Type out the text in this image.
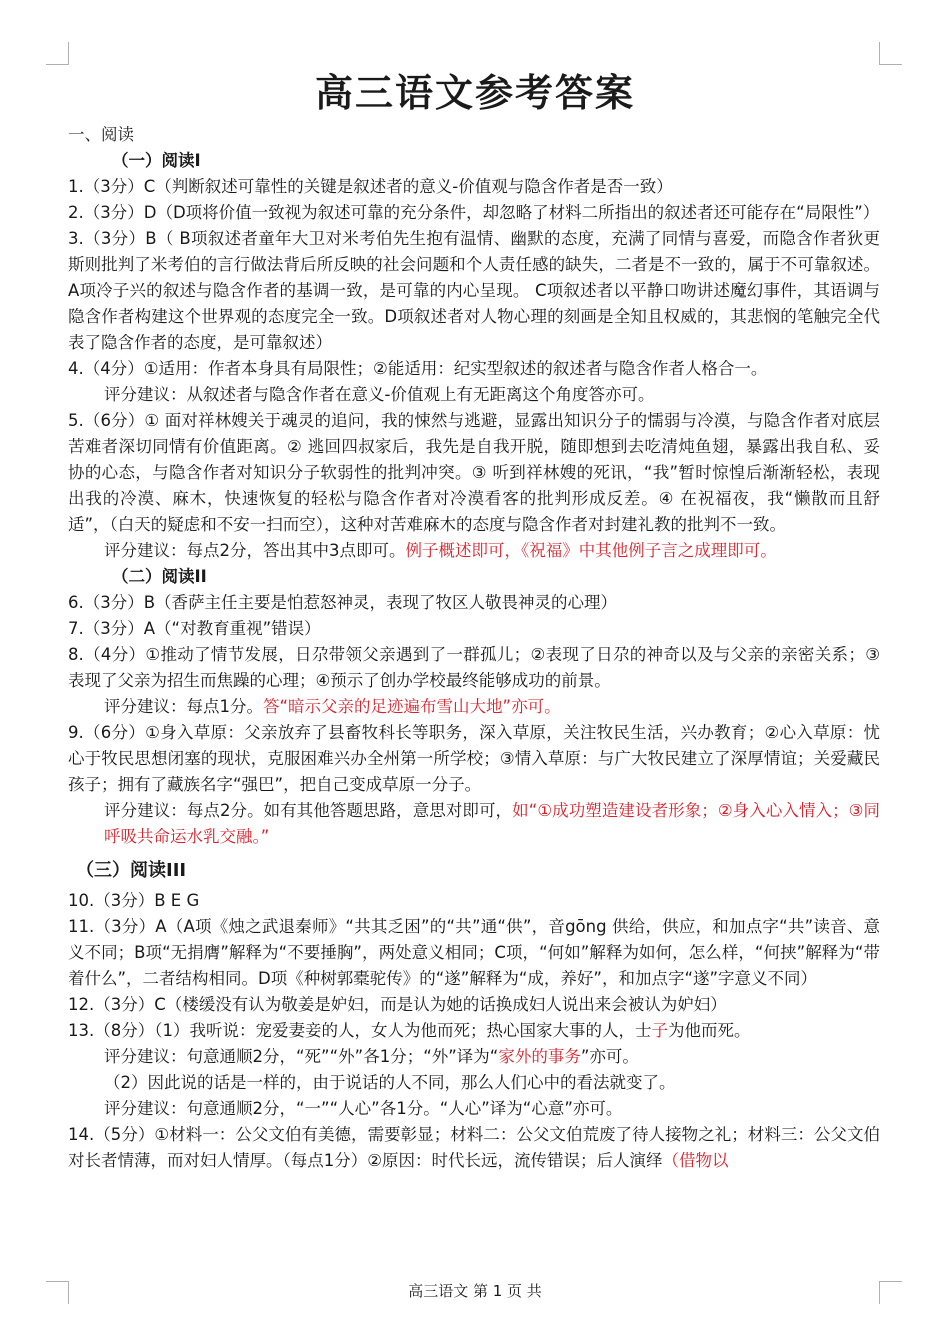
高三语文参考答案

一、阅读

（一）阅读I

1.（3分）C（判断叙述可靠性的关键是叙述者的意义-价值观与隐含作者是否一致）

2.（3分）D（D项将价值一致视为叙述可靠的充分条件，却忽略了材料二所指出的叙述者还可能存在“局限性”）

3.（3分）B（ B项叙述者童年大卫对米考伯先生抱有温情、幽默的态度，充满了同情与喜爱，而隐含作者狄更斯则批判了米考伯的言行做法背后所反映的社会问题和个人责任感的缺失，二者是不一致的，属于不可靠叙述。A项冷子兴的叙述与隐含作者的基调一致，是可靠的内心呈现。 C项叙述者以平静口吻讲述魔幻事件，其语调与隐含作者构建这个世界观的态度完全一致。D项叙述者对人物心理的刻画是全知且权威的，其悲悯的笔触完全代表了隐含作者的态度，是可靠叙述）

4.（4分）①适用：作者本身具有局限性；②能适用：纪实型叙述的叙述者与隐含作者人格合一。

评分建议：从叙述者与隐含作者在意义-价值观上有无距离这个角度答亦可。

5.（6分）① 面对祥林嫂关于魂灵的追问，我的悚然与逃避，显露出知识分子的懦弱与冷漠，与隐含作者对底层苦难者深切同情有价值距离。② 逃回四叔家后，我先是自我开脱，随即想到去吃清炖鱼翅，暴露出我自私、妥协的心态，与隐含作者对知识分子软弱性的批判冲突。③ 听到祥林嫂的死讯，“我”暂时惊惶后渐渐轻松，表现出我的冷漠、麻木，快速恢复的轻松与隐含作者对冷漠看客的批判形成反差。④ 在祝福夜，我“懒散而且舒适”，（白天的疑虑和不安一扫而空），这种对苦难麻木的态度与隐含作者对封建礼教的批判不一致。

评分建议：每点2分，答出其中3点即可。例子概述即可，《祝福》中其他例子言之成理即可。

（二）阅读II

6.（3分）B（香萨主任主要是怕惹怒神灵，表现了牧区人敬畏神灵的心理）

7.（3分）A（“对教育重视”错误）

8.（4分）①推动了情节发展，日尕带领父亲遇到了一群孤儿；②表现了日尕的神奇以及与父亲的亲密关系；③表现了父亲为招生而焦躁的心理；④预示了创办学校最终能够成功的前景。

评分建议：每点1分。答“暗示父亲的足迹遍布雪山大地”亦可。

9.（6分）①身入草原：父亲放弃了县畜牧科长等职务，深入草原，关注牧民生活，兴办教育；②心入草原：忧心于牧民思想闭塞的现状，克服困难兴办全州第一所学校；③情入草原：与广大牧民建立了深厚情谊；关爱藏民孩子；拥有了藏族名字“强巴”，把自己变成草原一分子。

评分建议：每点2分。如有其他答题思路，意思对即可，如“①成功塑造建设者形象；②身入心入情入；③同呼吸共命运水乳交融。”

（三）阅读III

10.（3分）B E G

11.（3分）A（A项《烛之武退秦师》“共其乏困”的“共”通“供”，音gōng 供给，供应，和加点字“共”读音、意义不同；B项“无捐膺”解释为“不要捶胸”，两处意义相同；C项，“何如”解释为如何，怎么样，“何挟”解释为“带着什么”，二者结构相同。D项《种树郭橐驼传》的“遂”解释为“成，养好”，和加点字“遂”字意义不同）

12.（3分）C（楼缓没有认为敬姜是妒妇，而是认为她的话换成妇人说出来会被认为妒妇）

13.（8分）（1）我听说：宠爱妻妾的人，女人为他而死；热心国家大事的人，士子为他而死。

评分建议：句意通顺2分，“死”“外”各1分；“外”译为“家外的事务”亦可。

（2）因此说的话是一样的，由于说话的人不同，那么人们心中的看法就变了。

评分建议：句意通顺2分，“一”“人心”各1分。“人心”译为“心意”亦可。

14.（5分）①材料一：公父文伯有美德，需要彰显；材料二：公父文伯荒废了待人接物之礼；材料三：公父文伯对长者情薄，而对妇人情厚。（每点1分）②原因：时代长远，流传错误；后人演绎（借物以

高三语文 第 1 页 共
